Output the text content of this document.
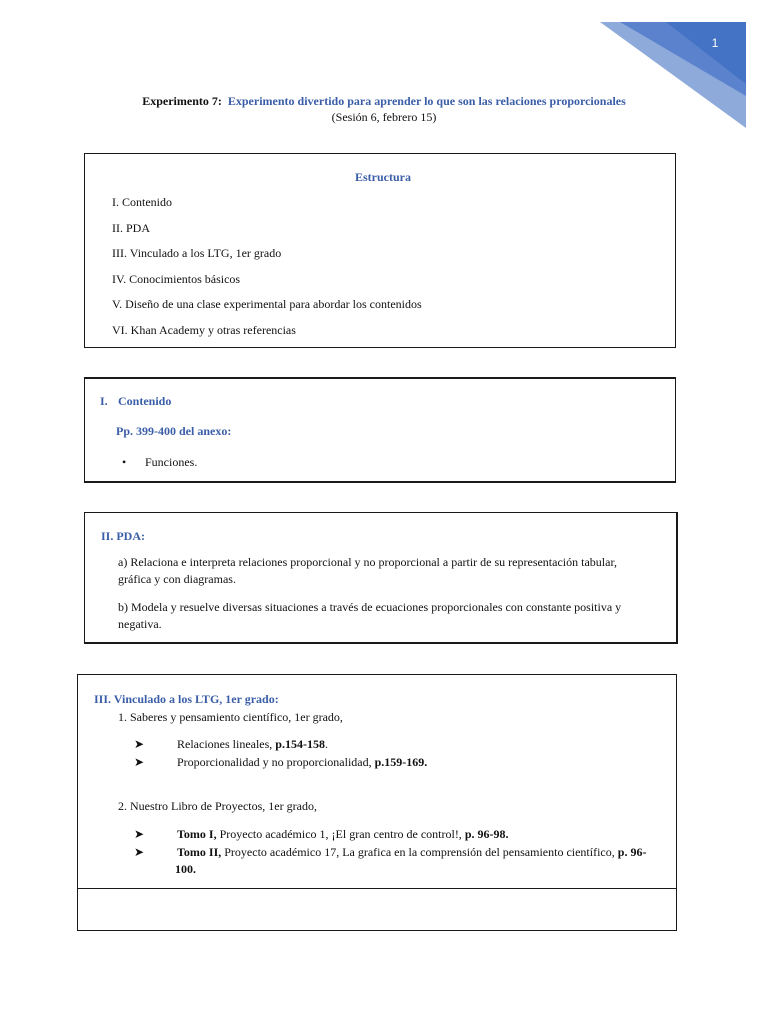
1
Experimento 7: Experimento divertido para aprender lo que son las relaciones proporcionales
(Sesión 6, febrero 15)
Estructura
I. Contenido
II. PDA
III. Vinculado a los LTG, 1er grado
IV. Conocimientos básicos
V. Diseño de una clase experimental para abordar los contenidos
VI. Khan Academy y otras referencias
I. Contenido
Pp. 399-400 del anexo:
• Funciones.
II. PDA:
a) Relaciona e interpreta relaciones proporcional y no proporcional a partir de su representación tabular,
gráfica y con diagramas.
b) Modela y resuelve diversas situaciones a través de ecuaciones proporcionales con constante positiva y
negativa.
III. Vinculado a los LTG, 1er grado:
1. Saberes y pensamiento científico, 1er grado,
➤	Relaciones lineales, p.154-158.
➤	Proporcionalidad y no proporcionalidad, p.159-169.
2. Nuestro Libro de Proyectos, 1er grado,
➤	Tomo I, Proyecto académico 1, ¡El gran centro de control!, p. 96-98.
➤	Tomo II, Proyecto académico 17, La grafica en la comprensión del pensamiento científico, p. 96-
100.
